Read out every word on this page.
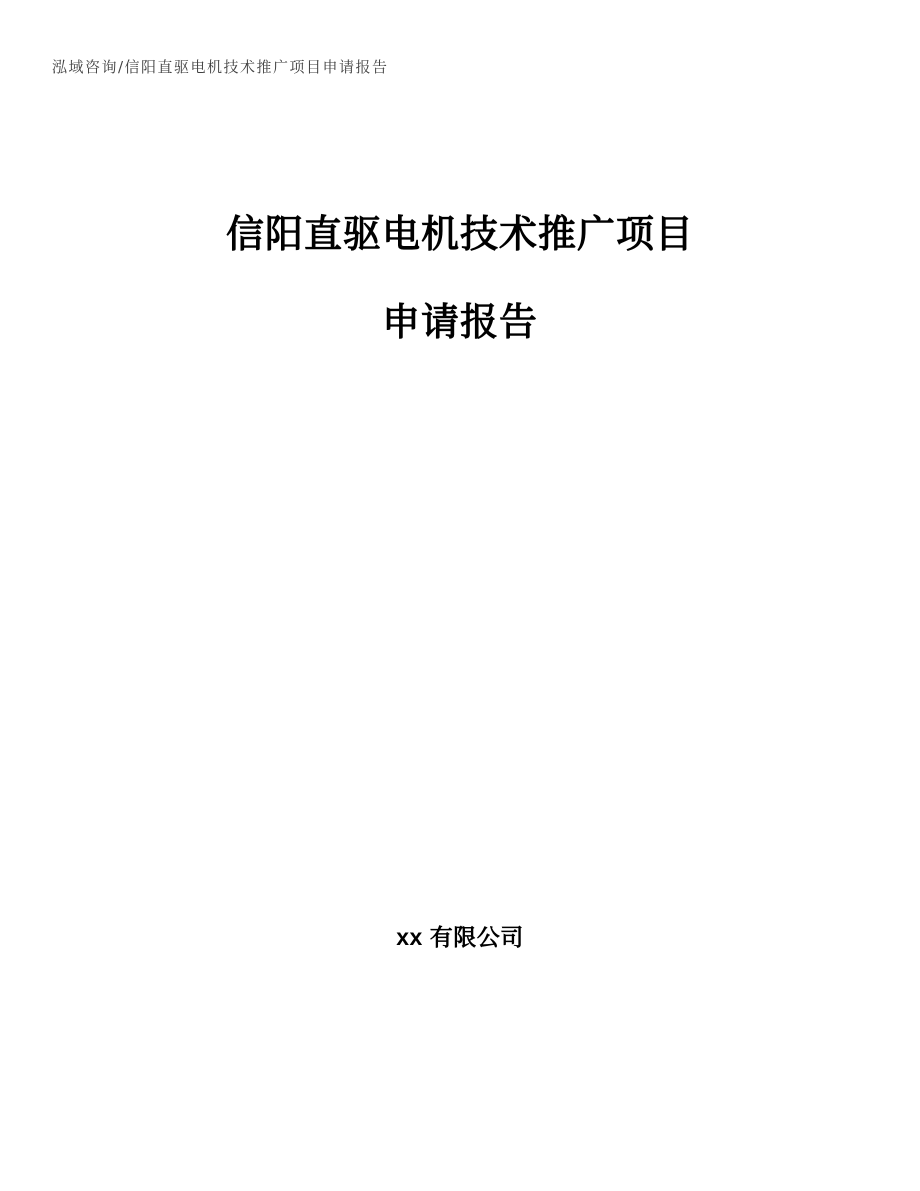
泓域咨询/信阳直驱电机技术推广项目申请报告
信阳直驱电机技术推广项目
申请报告
xx 有限公司
